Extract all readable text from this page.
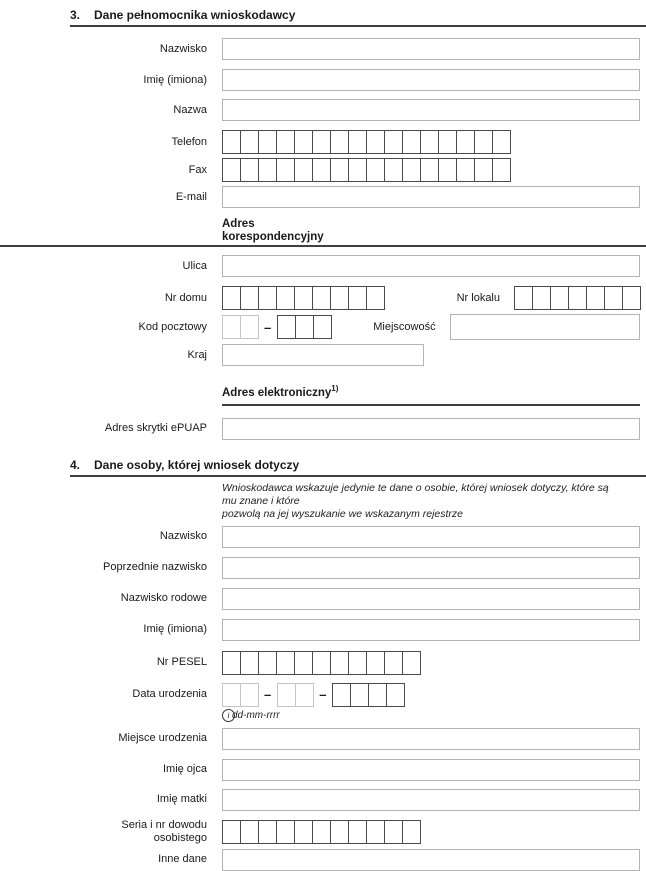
3.	Dane pełnomocnika wnioskodawcy
Nazwisko
Imię (imiona)
Nazwa
Telefon
Fax
E-mail
Adres korespondencyjny
Ulica
Nr domu	Nr lokalu
Kod pocztowy	–	Miejscowość
Kraj
Adres elektroniczny$^{1)}$
Adres skrytki ePUAP
4.	Dane osoby, której wniosek dotyczy
Wnioskodawca wskazuje jedynie te dane o osobie, której wniosek dotyczy, które są mu znane i które
pozwolą na jej wyszukanie we wskazanym rejestrze
Nazwisko
Poprzednie nazwisko
Nazwisko rodowe
Imię (imiona)
Nr PESEL
Data urodzenia	–	–
i dd-mm-rrrr
Miejsce urodzenia
Imię ojca
Imię matki
Seria i nr dowodu
osobistego
Inne dane
